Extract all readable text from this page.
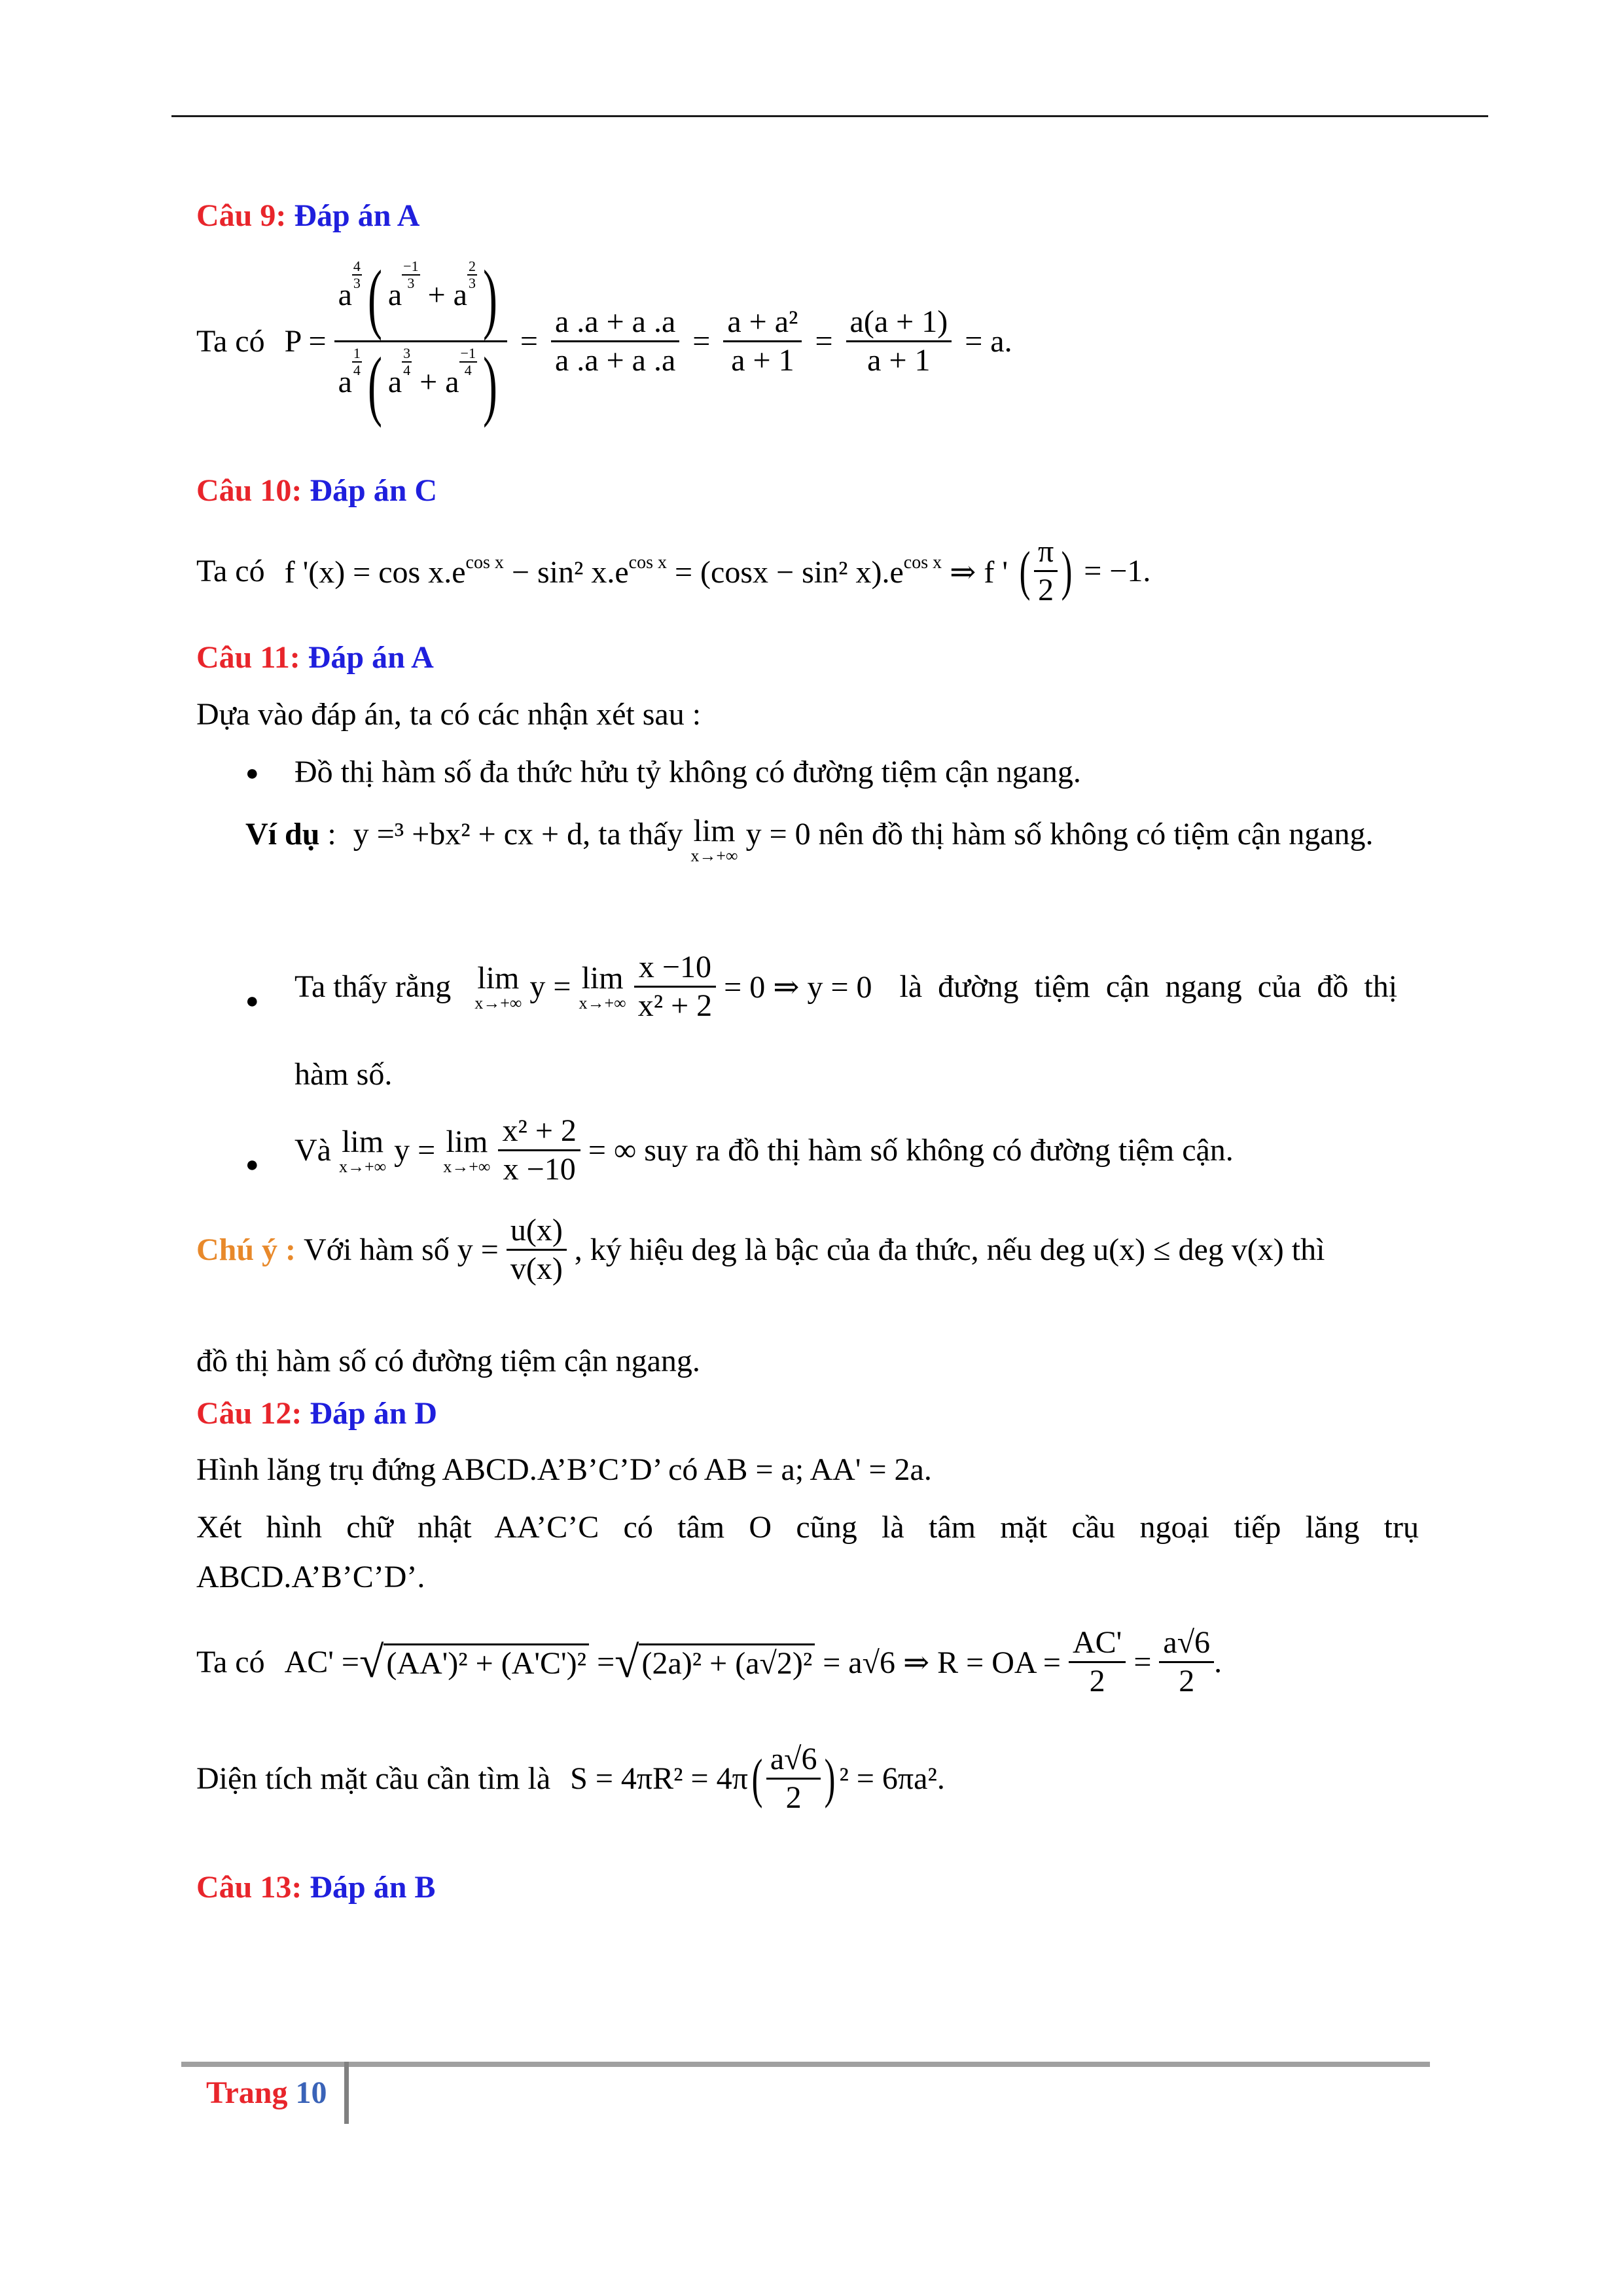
Câu 9: Đáp án A
Ta có P = a
$\frac{4}{3}$ ( a
$\frac{-1}{3}$
+ a
$\frac{2}{3}$ )
a
$\frac{1}{4}$ ( a
$\frac{3}{4}$
+ a
$\frac{-1}{4}$ ) = $\frac{a .a + a .a}{a .a + a .a} = \frac{\text{a + a²}}{a + 1} = \frac{a(a + 1)}{a + 1} = a$.
Câu 10: Đáp án C
Ta có f '$(x) = \cos x.e^{cos x} - \sin^2$ $x.e^{cos x} = (\cos x - \sin^2$ $x).e^{cos x}$ ⇒ f ' ( $\frac{\pi}{2}$ ) = −1.
Câu 11: Đáp án A
Dựa vào đáp án, ta có các nhận xét sau :
● Đồ thị hàm số đa thức hửu tỷ không có đường tiệm cận ngang.
Ví dụ : y =³ +bx² + cx + d, ta thấy lim
x→+∞
y = 0 nên đồ thị hàm số không có tiệm cận ngang.
● Ta thấy rằng lim
x→+∞ y = lim
x→+∞
$\frac{x -10}{\text{x² + 2}} = 0$ ⇒ y = 0 là đường tiệm cận ngang của đồ thị
hàm số.
● Và lim
x→+∞ y = lim
x→+∞
$\frac{\text{x² + 2}}{x -10}$ = ∞ suy ra đồ thị hàm số không có đường tiệm cận.
Chú ý : Với hàm số $y = \frac{u(x)}{v(x)}$ , ký hiệu deg là bậc của đa thức, nếu deg u(x) ≤ deg v(x) thì
đồ thị hàm số có đường tiệm cận ngang.
Câu 12: Đáp án D
Hình lăng trụ đứng ABCD.A’B’C’D’ có AB = a; AA' = 2a.
Xét hình chữ nhật AA’C’C có tâm O cũng là tâm mặt cầu ngoại tiếp lăng trụ
ABCD.A’B’C’D’.
Ta có AC' =√(AA')² + (A'C')² =√(2a)² + (a√2)² = a√6 ⇒ R = OA = $\frac{AC'}{2} = \frac{a√6}{2}$ .
Diện tích mặt cầu cần tìm là $S = 4\pi R^2 = 4\pi( \frac{a√6}{2}$ ) ² = 6πa².
Câu 13: Đáp án B
Trang 10
